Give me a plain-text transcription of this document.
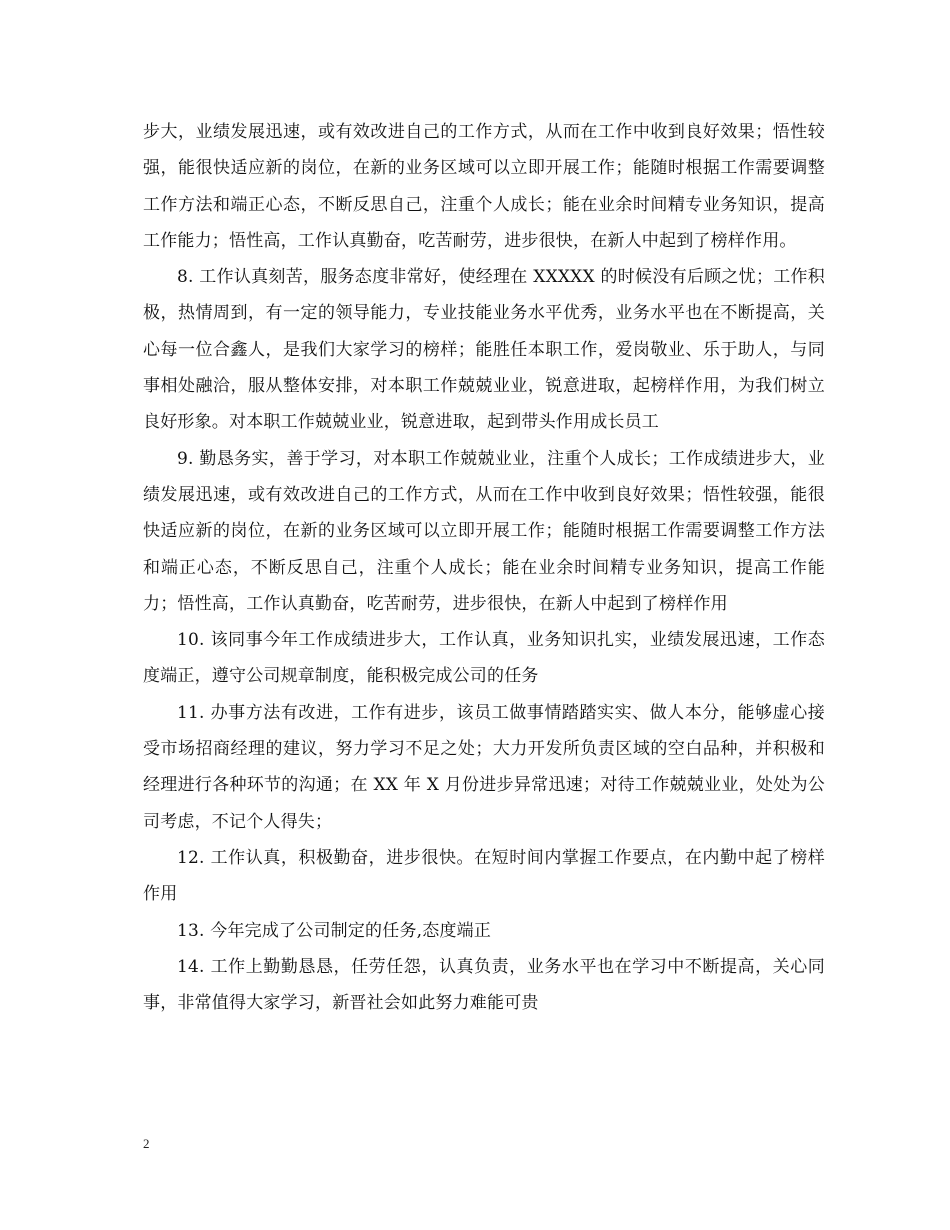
步大，业绩发展迅速，或有效改进自己的工作方式，从而在工作中收到良好效果；悟性较强，能很快适应新的岗位，在新的业务区域可以立即开展工作；能随时根据工作需要调整工作方法和端正心态，不断反思自己，注重个人成长；能在业余时间精专业务知识，提高工作能力；悟性高，工作认真勤奋，吃苦耐劳，进步很快，在新人中起到了榜样作用。

8. 工作认真刻苦，服务态度非常好，使经理在 XXXXX 的时候没有后顾之忧；工作积极，热情周到，有一定的领导能力，专业技能业务水平优秀，业务水平也在不断提高，关心每一位合鑫人，是我们大家学习的榜样；能胜任本职工作，爱岗敬业、乐于助人，与同事相处融洽，服从整体安排，对本职工作兢兢业业，锐意进取，起榜样作用，为我们树立良好形象。对本职工作兢兢业业，锐意进取，起到带头作用成长员工

9. 勤恳务实，善于学习，对本职工作兢兢业业，注重个人成长；工作成绩进步大，业绩发展迅速，或有效改进自己的工作方式，从而在工作中收到良好效果；悟性较强，能很快适应新的岗位，在新的业务区域可以立即开展工作；能随时根据工作需要调整工作方法和端正心态，不断反思自己，注重个人成长；能在业余时间精专业务知识，提高工作能力；悟性高，工作认真勤奋，吃苦耐劳，进步很快，在新人中起到了榜样作用

10. 该同事今年工作成绩进步大，工作认真，业务知识扎实，业绩发展迅速，工作态度端正，遵守公司规章制度，能积极完成公司的任务

11. 办事方法有改进，工作有进步，该员工做事情踏踏实实、做人本分，能够虚心接受市场招商经理的建议，努力学习不足之处；大力开发所负责区域的空白品种，并积极和经理进行各种环节的沟通；在 XX 年 X 月份进步异常迅速；对待工作兢兢业业，处处为公司考虑，不记个人得失；

12. 工作认真，积极勤奋，进步很快。在短时间内掌握工作要点，在内勤中起了榜样作用

13. 今年完成了公司制定的任务,态度端正

14. 工作上勤勤恳恳，任劳任怨，认真负责，业务水平也在学习中不断提高，关心同事，非常值得大家学习，新晋社会如此努力难能可贵

2
